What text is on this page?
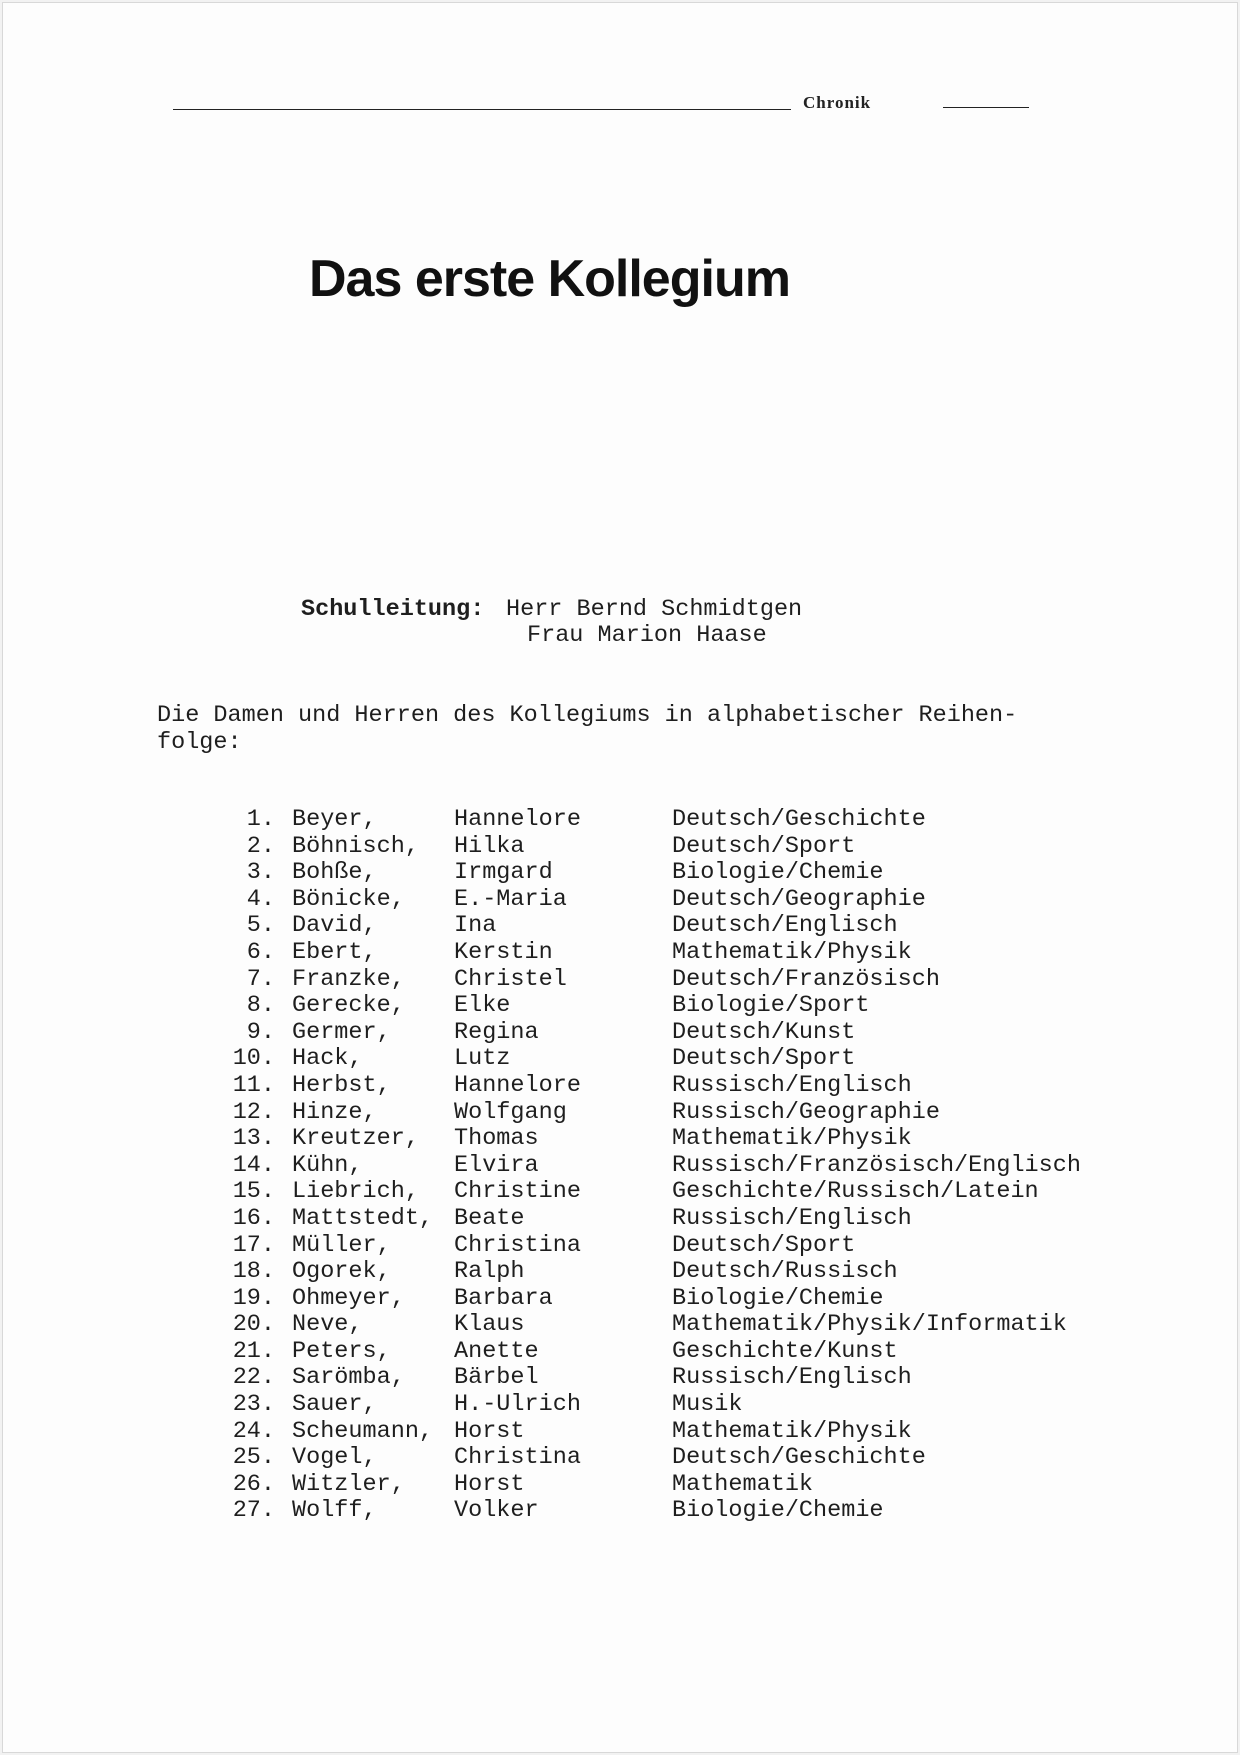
Chronik
Das erste Kollegium
Schulleitung: Herr Bernd Schmidtgen
Frau Marion Haase
Die Damen und Herren des Kollegiums in alphabetischer Reihen- folge:
1. Beyer,	Hannelore	Deutsch/Geschichte
2. Böhnisch, Hilka	Deutsch/Sport
3. Bohße,	Irmgard	Biologie/Chemie
4. Bönicke, E.-Maria	Deutsch/Geographie
5. David,	Ina	Deutsch/Englisch
6. Ebert,	Kerstin	Mathematik/Physik
7. Franzke, Christel	Deutsch/Französisch
8. Gerecke, Elke	Biologie/Sport
9. Germer,	Regina	Deutsch/Kunst
10. Hack,	Lutz	Deutsch/Sport
11. Herbst,	Hannelore	Russisch/Englisch
12. Hinze,	Wolfgang	Russisch/Geographie
13. Kreutzer, Thomas	Mathematik/Physik
14. Kühn,	Elvira	Russisch/Französisch/Englisch
15. Liebrich, Christine	Geschichte/Russisch/Latein
16. Mattstedt, Beate	Russisch/Englisch
17. Müller,	Christina	Deutsch/Sport
18. Ogorek,	Ralph	Deutsch/Russisch
19. Ohmeyer, Barbara	Biologie/Chemie
20. Neve,	Klaus	Mathematik/Physik/Informatik
21. Peters,	Anette	Geschichte/Kunst
22. Sarömba, Bärbel	Russisch/Englisch
23. Sauer,	H.-Ulrich	Musik
24. Scheumann, Horst	Mathematik/Physik
25. Vogel,	Christina	Deutsch/Geschichte
26. Witzler, Horst	Mathematik
27. Wolff,	Volker	Biologie/Chemie
